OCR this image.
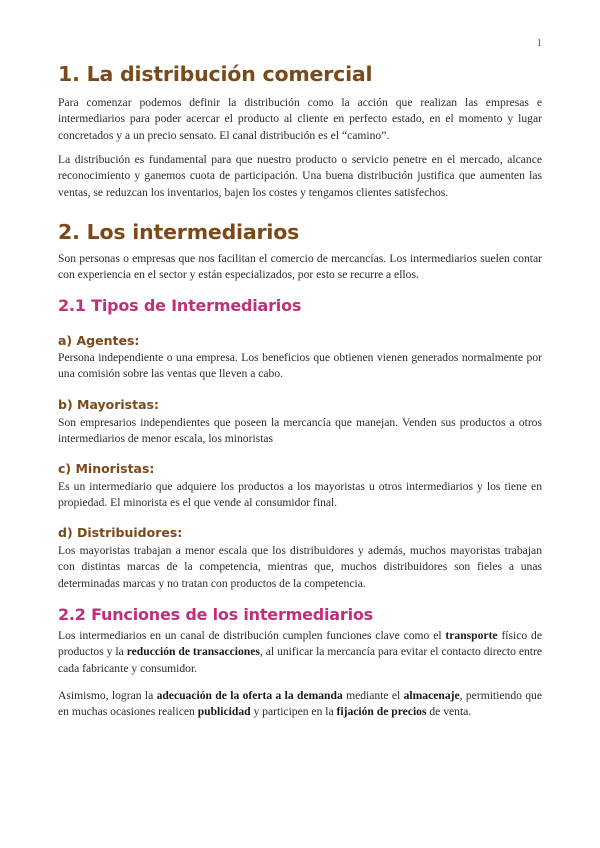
1
1. La distribución comercial

Para comenzar podemos definir la distribución como la acción que realizan las empresas e intermediarios para poder acercar el producto al cliente en perfecto estado, en el momento y lugar concretados y a un precio sensato. El canal distribución es el “camino”.

La distribución es fundamental para que nuestro producto o servicio penetre en el mercado, alcance reconocimiento y ganemos cuota de participación. Una buena distribución justifica que aumenten las ventas, se reduzcan los inventarios, bajen los costes y tengamos clientes satisfechos.

2. Los intermediarios

Son personas o empresas que nos facilitan el comercio de mercancías. Los intermediarios suelen contar con experiencia en el sector y están especializados, por esto se recurre a ellos.

2.1 Tipos de Intermediarios
a) Agentes:

Persona independiente o una empresa. Los beneficios que obtienen vienen generados normalmente por una comisión sobre las ventas que lleven a cabo.

b) Mayoristas:

Son empresarios independientes que poseen la mercancía que manejan. Venden sus productos a otros intermediarios de menor escala, los minoristas

c) Minoristas:

Es un intermediario que adquiere los productos a los mayoristas u otros intermediarios y los tiene en propiedad. El minorista es el que vende al consumidor final.

d) Distribuidores:

Los mayoristas trabajan a menor escala que los distribuidores y además, muchos mayoristas trabajan con distintas marcas de la competencia, mientras que, muchos distribuidores son fieles a unas determinadas marcas y no tratan con productos de la competencia.

2.2 Funciones de los intermediarios

Los intermediarios en un canal de distribución cumplen funciones clave como el transporte físico de productos y la reducción de transacciones, al unificar la mercancía para evitar el contacto directo entre cada fabricante y consumidor.

Asimismo, logran la adecuación de la oferta a la demanda mediante el almacenaje, permitiendo que en muchas ocasiones realicen publicidad y participen en la fijación de precios de venta.
